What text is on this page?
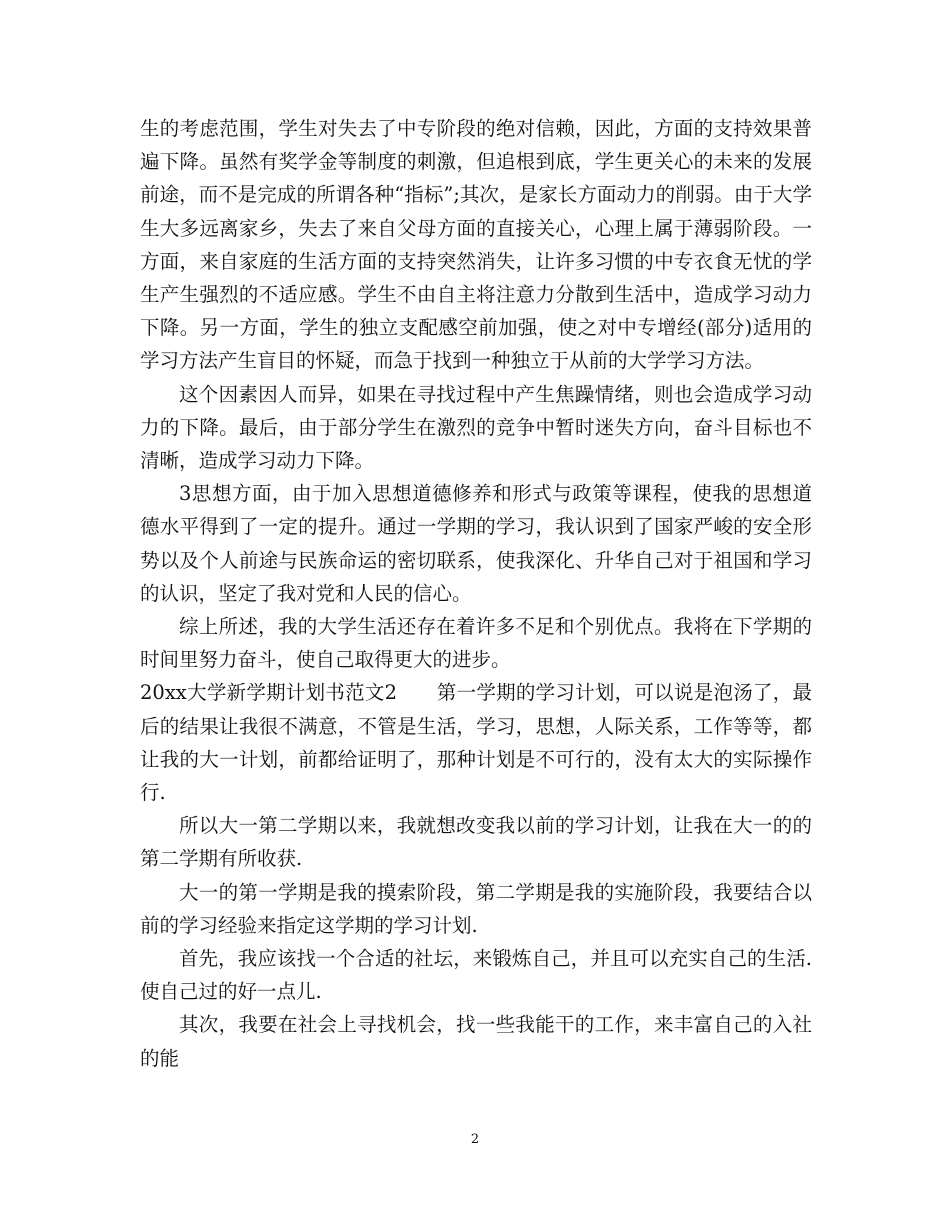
生的考虑范围，学生对失去了中专阶段的绝对信赖，因此，方面的支持效果普遍下降。虽然有奖学金等制度的刺激，但追根到底，学生更关心的未来的发展前途，而不是完成的所谓各种“指标”;其次，是家长方面动力的削弱。由于大学生大多远离家乡，失去了来自父母方面的直接关心，心理上属于薄弱阶段。一方面，来自家庭的生活方面的支持突然消失，让许多习惯的中专衣食无忧的学生产生强烈的不适应感。学生不由自主将注意力分散到生活中，造成学习动力下降。另一方面，学生的独立支配感空前加强，使之对中专增经(部分)适用的学习方法产生盲目的怀疑，而急于找到一种独立于从前的大学学习方法。

这个因素因人而异，如果在寻找过程中产生焦躁情绪，则也会造成学习动力的下降。最后，由于部分学生在激烈的竞争中暂时迷失方向，奋斗目标也不清晰，造成学习动力下降。

3思想方面，由于加入思想道德修养和形式与政策等课程，使我的思想道德水平得到了一定的提升。通过一学期的学习，我认识到了国家严峻的安全形势以及个人前途与民族命运的密切联系，使我深化、升华自己对于祖国和学习的认识，坚定了我对党和人民的信心。

综上所述，我的大学生活还存在着许多不足和个别优点。我将在下学期的时间里努力奋斗，使自己取得更大的进步。

20xx大学新学期计划书范文2　　第一学期的学习计划，可以说是泡汤了，最后的结果让我很不满意，不管是生活，学习，思想，人际关系，工作等等，都让我的大一计划，前都给证明了，那种计划是不可行的，没有太大的实际操作行.

所以大一第二学期以来，我就想改变我以前的学习计划，让我在大一的的第二学期有所收获.

大一的第一学期是我的摸索阶段，第二学期是我的实施阶段，我要结合以前的学习经验来指定这学期的学习计划.

首先，我应该找一个合适的社坛，来锻炼自己，并且可以充实自己的生活.使自己过的好一点儿.

其次，我要在社会上寻找机会，找一些我能干的工作，来丰富自己的入社的能

2
